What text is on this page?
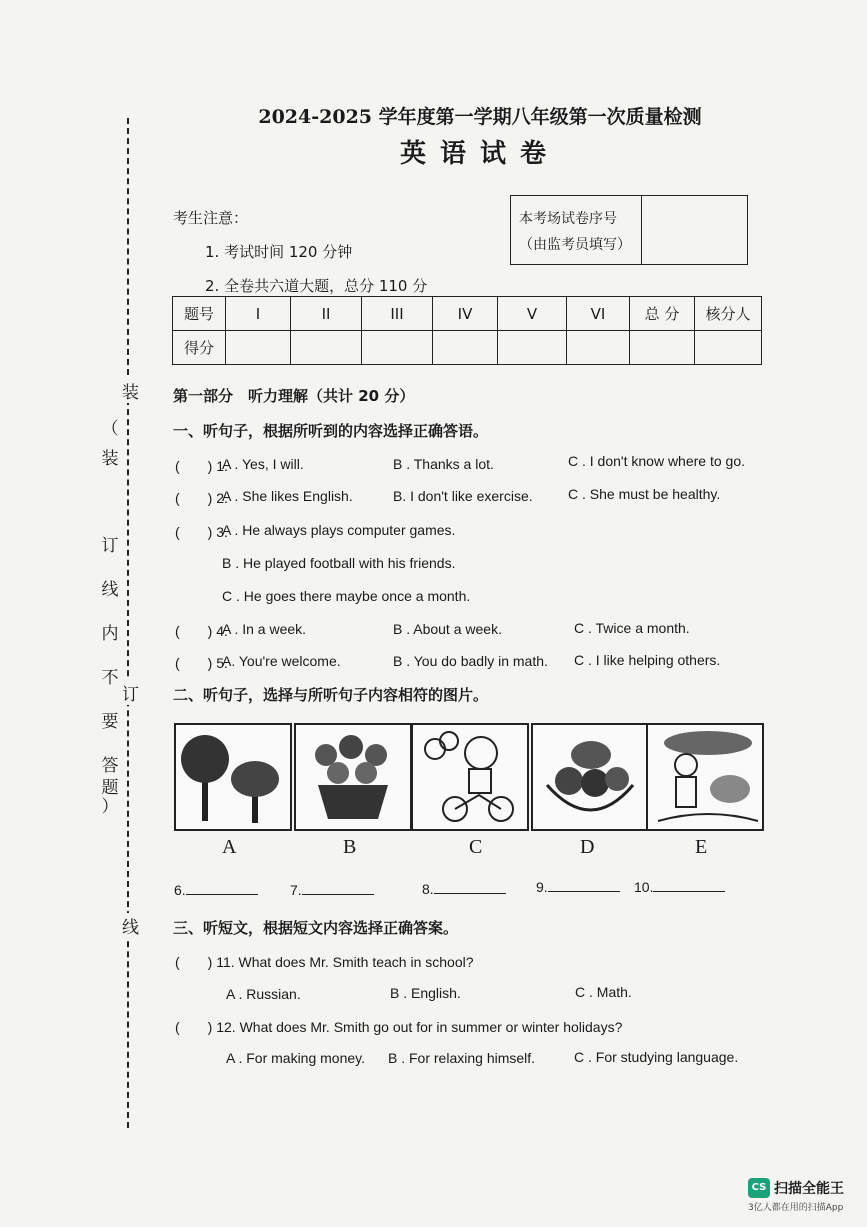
装
订
线
（
装
订
线
内
不
要
答
题
）
2024-2025 学年度第一学期八年级第一次质量检测
英语试卷
考生注意：
1. 考试时间 120 分钟
2. 全卷共六道大题，总分 110 分
本考场试卷序号
（由监考员填写）
题号	I	II	III	IV	V	VI	总 分	核分人
得分								
第一部分　听力理解（共计 20 分）
一、听句子，根据所听到的内容选择正确答语。
(　　) 1.
A . Yes, I will.	B . Thanks a lot.	C . I don't know where to go.
(　　) 2.
A . She likes English.	B. I don't like exercise.	C . She must be healthy.
(　　) 3.
A . He always plays computer games.
B . He played football with his friends.
C . He goes there maybe once a month.
(　　) 4.
A . In a week.	B . About a week.	C . Twice a month.
(　　) 5.
A. You're welcome.	B . You do badly in math. C . I like helping others.
二、听句子，选择与所听句子内容相符的图片。
A	B	C	D	E
6.	7.	8.	9.	10.
三、听短文，根据短文内容选择正确答案。
(　　) 11. What does Mr. Smith teach in school?
A . Russian.	B . English.	C . Math.
(　　) 12. What does Mr. Smith go out for in summer or winter holidays?
A . For making money. B . For relaxing himself.	C . For studying language.
CS 扫描全能王
3亿人都在用的扫描App
